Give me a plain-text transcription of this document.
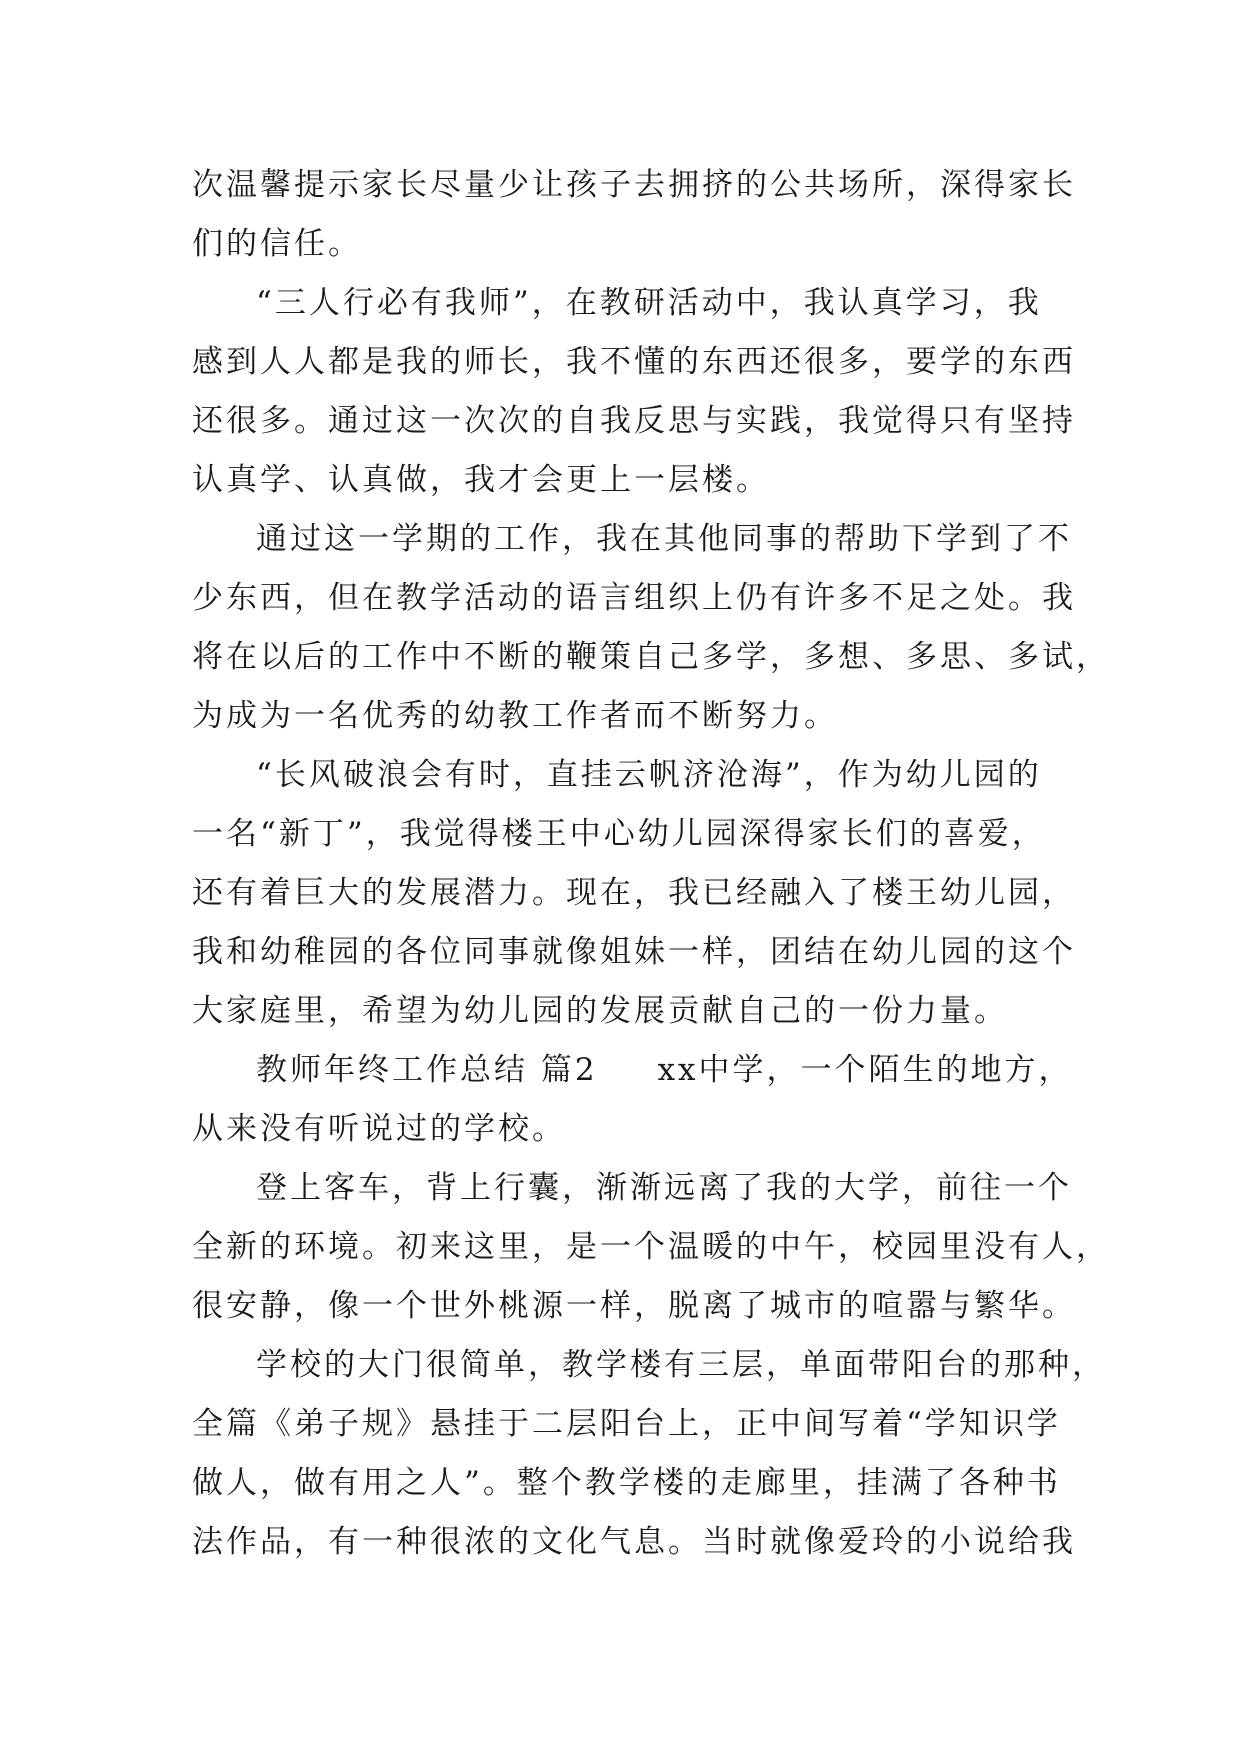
次温馨提示家长尽量少让孩子去拥挤的公共场所，深得家长
们的信任。
“三人行必有我师”，在教研活动中，我认真学习，我
感到人人都是我的师长，我不懂的东西还很多，要学的东西
还很多。通过这一次次的自我反思与实践，我觉得只有坚持
认真学、认真做，我才会更上一层楼。
通过这一学期的工作，我在其他同事的帮助下学到了不
少东西，但在教学活动的语言组织上仍有许多不足之处。我
将在以后的工作中不断的鞭策自己多学，多想、多思、多试，
为成为一名优秀的幼教工作者而不断努力。
“长风破浪会有时，直挂云帆济沧海”，作为幼儿园的
一名“新丁”，我觉得楼王中心幼儿园深得家长们的喜爱，
还有着巨大的发展潜力。现在，我已经融入了楼王幼儿园，
我和幼稚园的各位同事就像姐妹一样，团结在幼儿园的这个
大家庭里，希望为幼儿园的发展贡献自己的一份力量。
教师年终工作总结 篇2 xx中学，一个陌生的地方，
从来没有听说过的学校。
登上客车，背上行囊，渐渐远离了我的大学，前往一个
全新的环境。初来这里，是一个温暖的中午，校园里没有人，
很安静，像一个世外桃源一样，脱离了城市的喧嚣与繁华。
学校的大门很简单，教学楼有三层，单面带阳台的那种，
全篇《弟子规》悬挂于二层阳台上，正中间写着“学知识学
做人，做有用之人”。整个教学楼的走廊里，挂满了各种书
法作品，有一种很浓的文化气息。当时就像爱玲的小说给我
